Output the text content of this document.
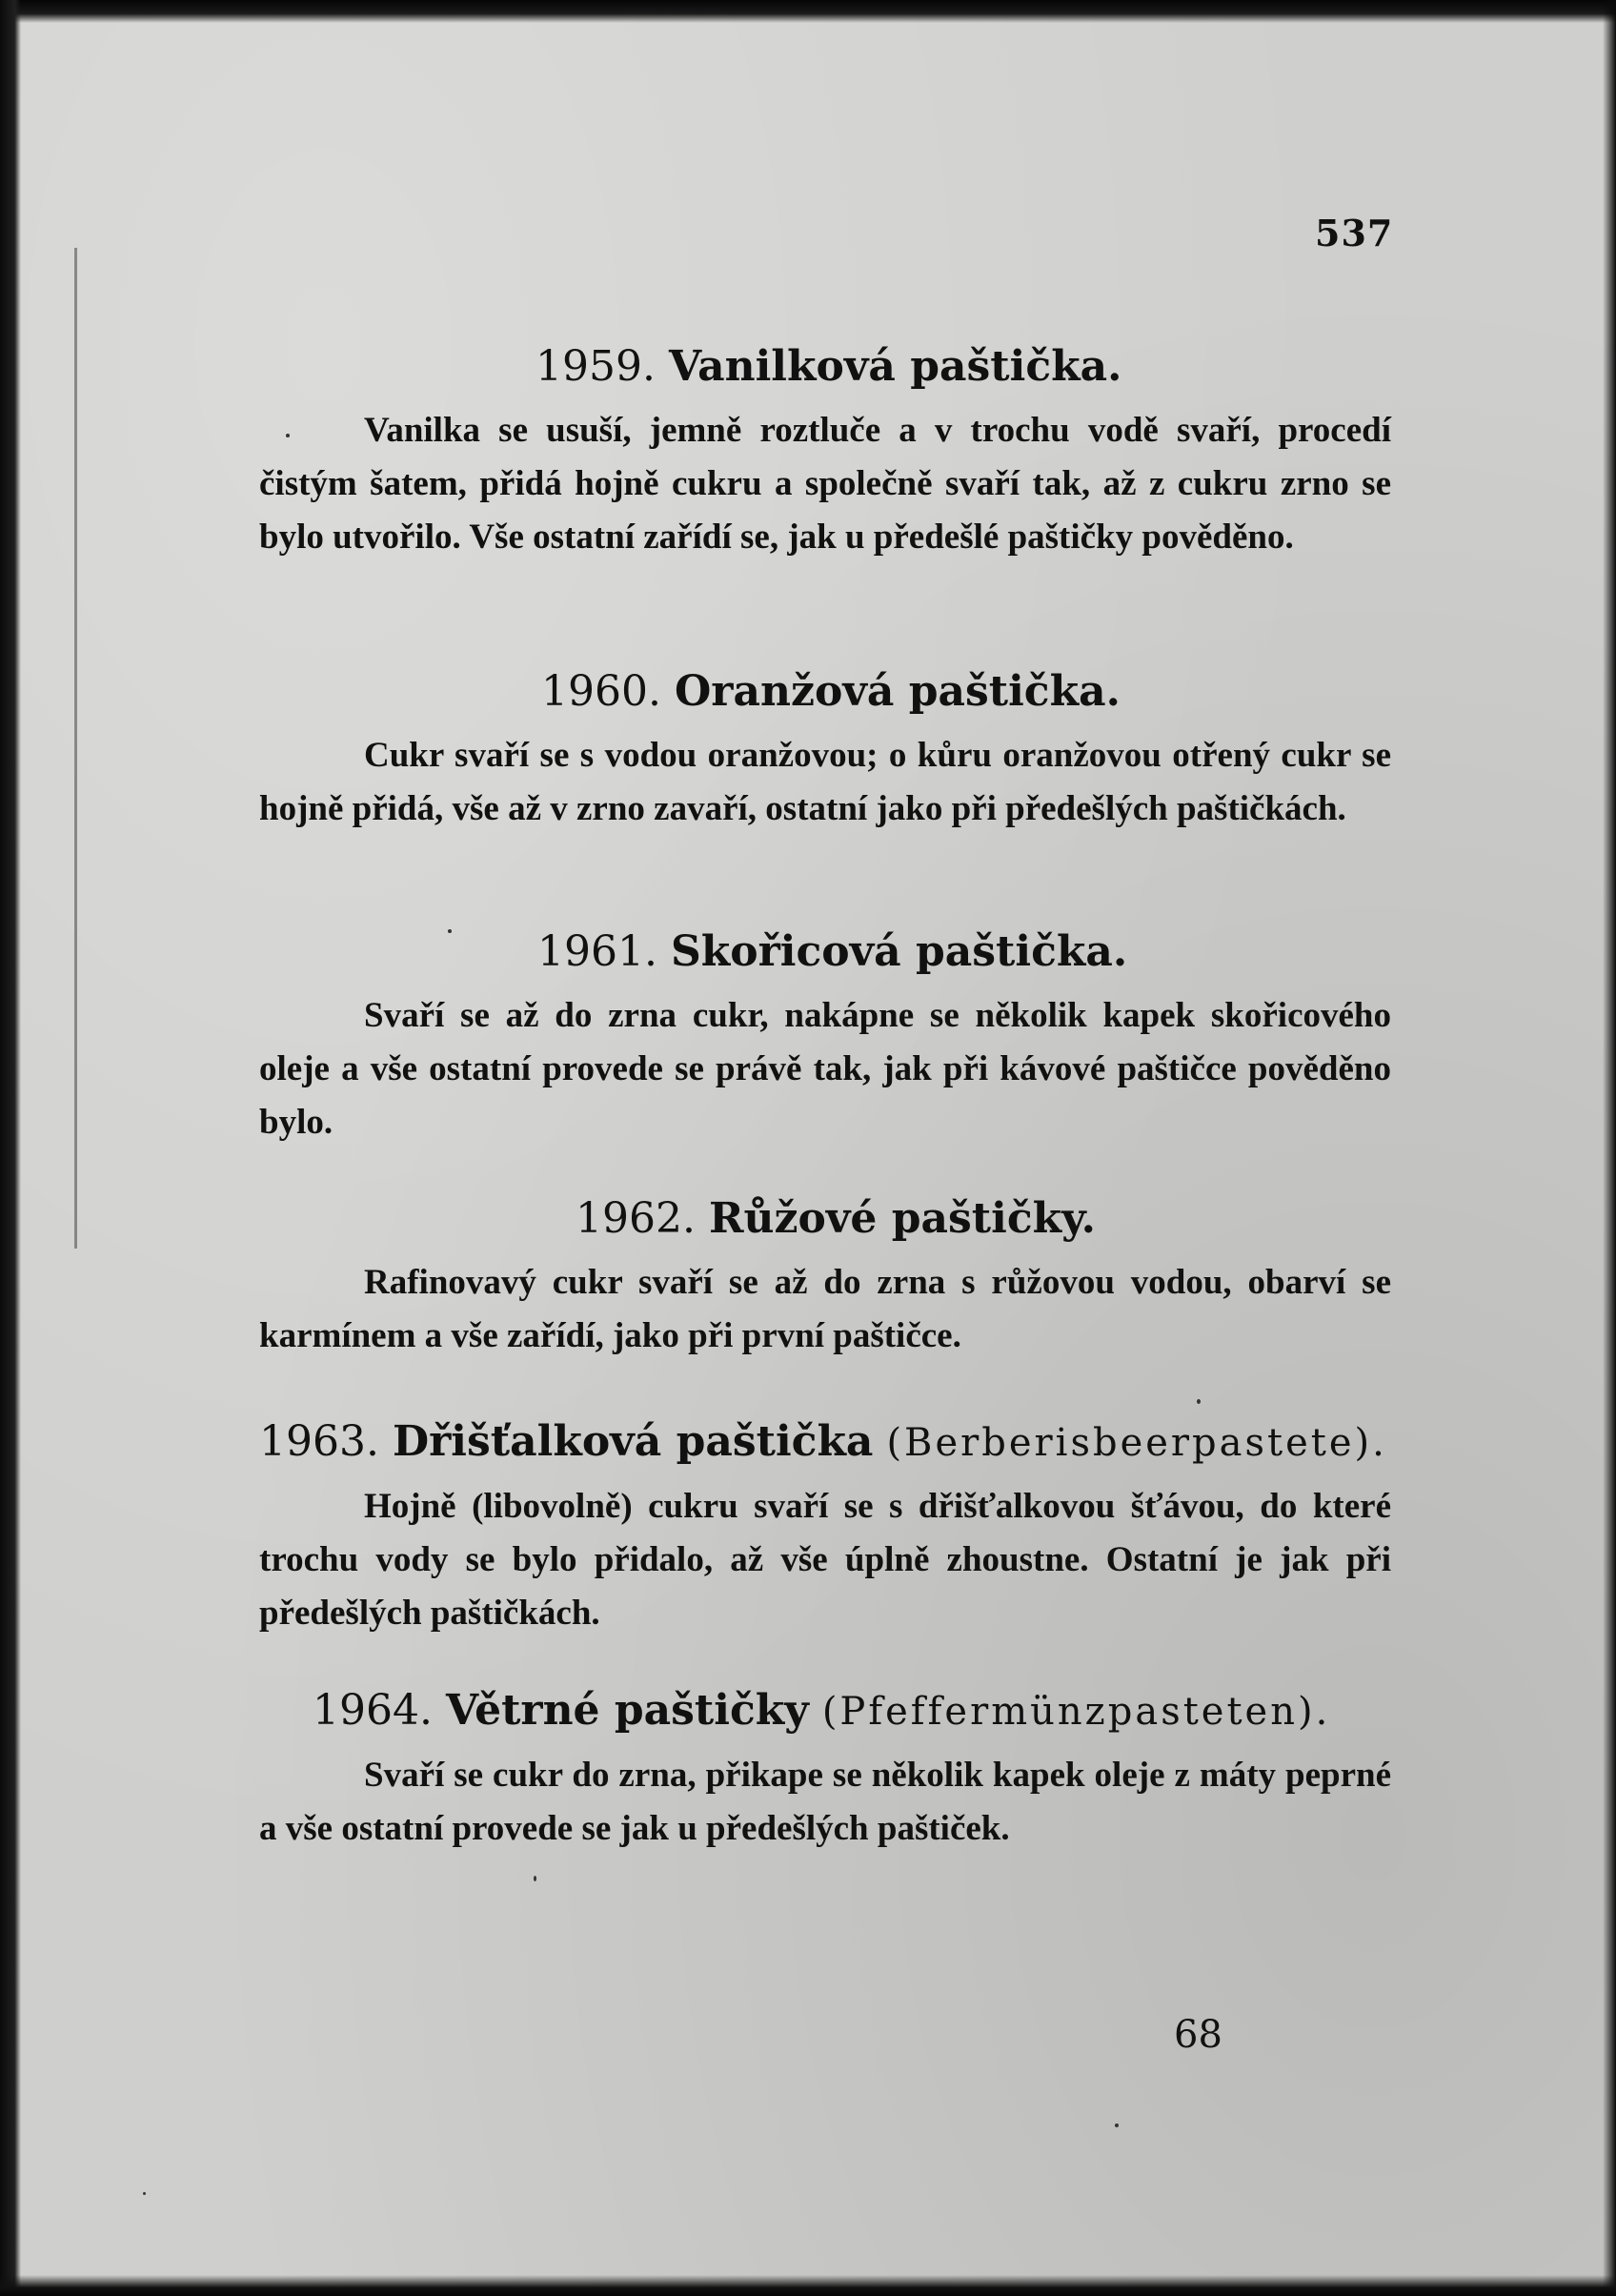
537
1959. Vanilková paštička.
Vanilka se usuší, jemně roztluče a v trochu vodě svaří, procedí čistým šatem, přidá hojně cukru a společně svaří tak, až z cukru zrno se bylo utvořilo. Vše ostatní zařídí se, jak u předešlé paštičky pověděno.
1960. Oranžová paštička.
Cukr svaří se s vodou oranžovou; o kůru oranžovou otřený cukr se hojně přidá, vše až v zrno zavaří, ostatní jako při předešlých paštičkách.
1961. Skořicová paštička.
Svaří se až do zrna cukr, nakápne se několik kapek skořicového oleje a vše ostatní provede se právě tak, jak při kávové paštičce pověděno bylo.
1962. Růžové paštičky.
Rafinovavý cukr svaří se až do zrna s růžovou vodou, obarví se karmínem a vše zařídí, jako při první paštičce.
1963. Dřišťalková paštička (Berberisbeerpastete).
Hojně (libovolně) cukru svaří se s dřišťalkovou šťávou, do které trochu vody se bylo přidalo, až vše úplně zhoustne. Ostatní je jak při předešlých paštičkách.
1964. Větrné paštičky (Pfeffermünzpasteten).
Svaří se cukr do zrna, přikape se několik kapek oleje z máty peprné a vše ostatní provede se jak u předešlých paštiček.
68
